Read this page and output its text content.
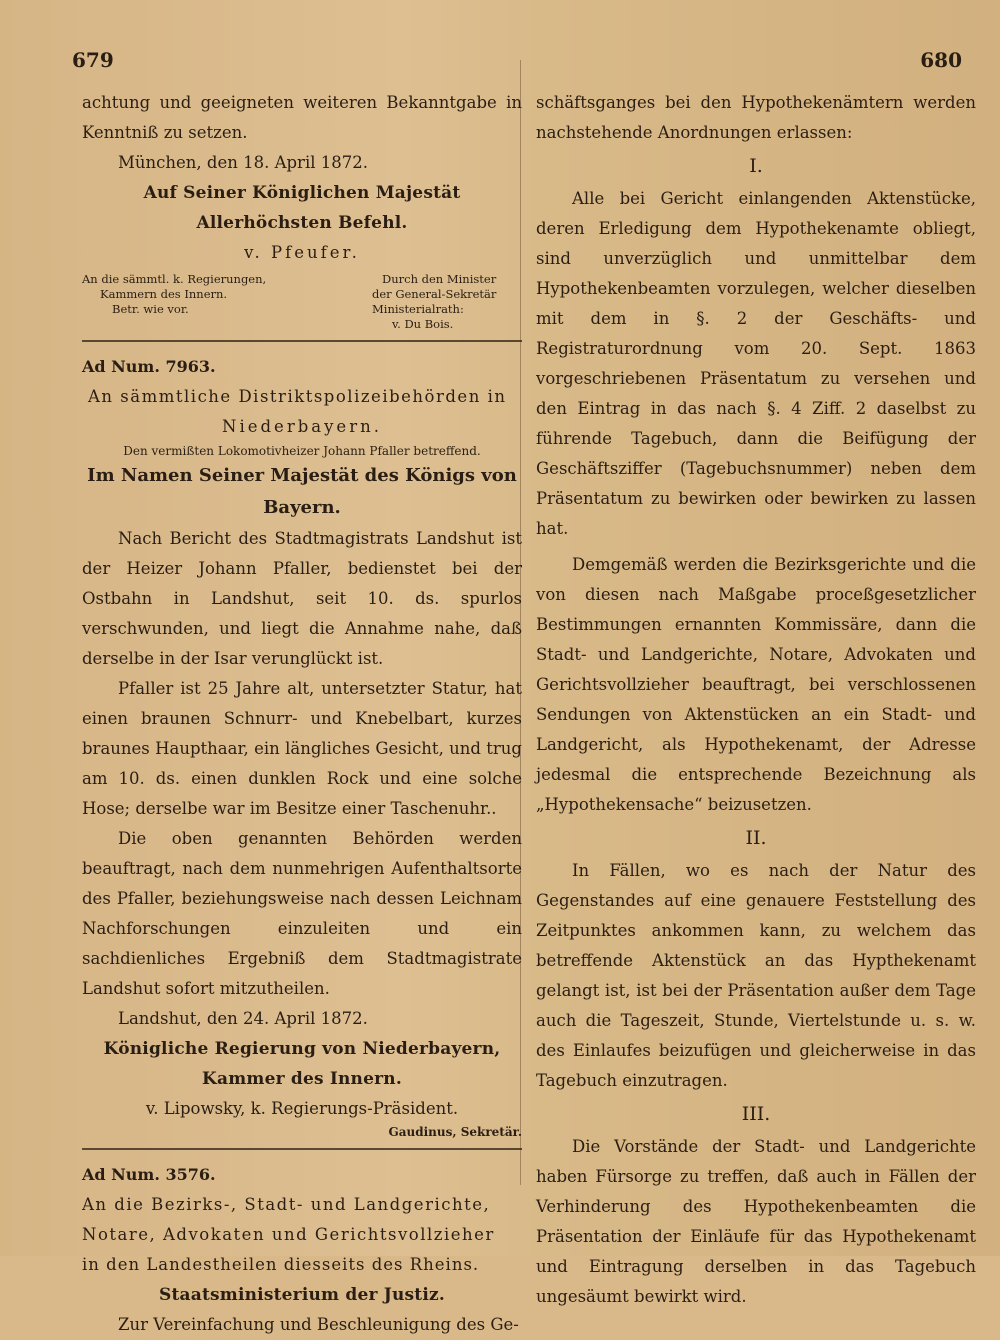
679	680

achtung und geeigneten weiteren Bekanntgabe in Kenntniß zu setzen.

München, den 18. April 1872.

Auf Seiner Königlichen Majestät Allerhöchsten Befehl.
v. Pfeufer.
An die sämmtl. k. Regierungen,
Kammern des Innern.
Betr. wie vor.
Durch den Minister
der General-Sekretär
Ministerialrath:
v. Du Bois.
Ad Num. 7963.

An sämmtliche Distriktspolizeibehörden in

Niederbayern.

Den vermißten Lokomotivheizer Johann Pfaller betreffend.
Im Namen Seiner Majestät des Königs von Bayern.

Nach Bericht des Stadtmagistrats Landshut ist der Heizer Johann Pfaller, bedienstet bei der Ostbahn in Landshut, seit 10. ds. spurlos verschwunden, und liegt die Annahme nahe, daß derselbe in der Isar verunglückt ist.

Pfaller ist 25 Jahre alt, untersetzter Statur, hat einen braunen Schnurr- und Knebelbart, kurzes braunes Haupthaar, ein längliches Gesicht, und trug am 10. ds. einen dunklen Rock und eine solche Hose; derselbe war im Besitze einer Taschenuhr..

Die oben genannten Behörden werden beauftragt, nach dem nunmehrigen Aufenthaltsorte des Pfaller, beziehungsweise nach dessen Leichnam Nachforschungen einzuleiten und ein sachdienliches Ergebniß dem Stadtmagistrate Landshut sofort mitzutheilen.

Landshut, den 24. April 1872.

Königliche Regierung von Niederbayern,
Kammer des Innern.
v. Lipowsky, k. Regierungs-Präsident.
Gaudinus, Sekretär.
Ad Num. 3576.

An die Bezirks-, Stadt- und Landgerichte,

Notare, Advokaten und Gerichtsvollzieher

in den Landestheilen diesseits des Rheins.

Staatsministerium der Justiz.

Zur Vereinfachung und Beschleunigung des Ge-

schäftsganges bei den Hypothekenämtern werden nachstehende Anordnungen erlassen:

I.

Alle bei Gericht einlangenden Aktenstücke, deren Erledigung dem Hypothekenamte obliegt, sind unverzüglich und unmittelbar dem Hypothekenbeamten vorzulegen, welcher dieselben mit dem in §. 2 der Geschäfts- und Registraturordnung vom 20. Sept. 1863 vorgeschriebenen Präsentatum zu versehen und den Eintrag in das nach §. 4 Ziff. 2 daselbst zu führende Tagebuch, dann die Beifügung der Geschäftsziffer (Tagebuchsnummer) neben dem Präsentatum zu bewirken oder bewirken zu lassen hat.

Demgemäß werden die Bezirksgerichte und die von diesen nach Maßgabe proceßgesetzlicher Bestimmungen ernannten Kommissäre, dann die Stadt- und Landgerichte, Notare, Advokaten und Gerichtsvollzieher beauftragt, bei verschlossenen Sendungen von Aktenstücken an ein Stadt- und Landgericht, als Hypothekenamt, der Adresse jedesmal die entsprechende Bezeichnung als „Hypothekensache“ beizusetzen.

II.

In Fällen, wo es nach der Natur des Gegenstandes auf eine genauere Feststellung des Zeitpunktes ankommen kann, zu welchem das betreffende Aktenstück an das Hypthekenamt gelangt ist, ist bei der Präsentation außer dem Tage auch die Tageszeit, Stunde, Viertelstunde u. s. w. des Einlaufes beizufügen und gleicherweise in das Tagebuch einzutragen.

III.

Die Vorstände der Stadt- und Landgerichte haben Fürsorge zu treffen, daß auch in Fällen der Verhinderung des Hypothekenbeamten die Präsentation der Einläufe für das Hypothekenamt und Eintragung derselben in das Tagebuch ungesäumt bewirkt wird.
